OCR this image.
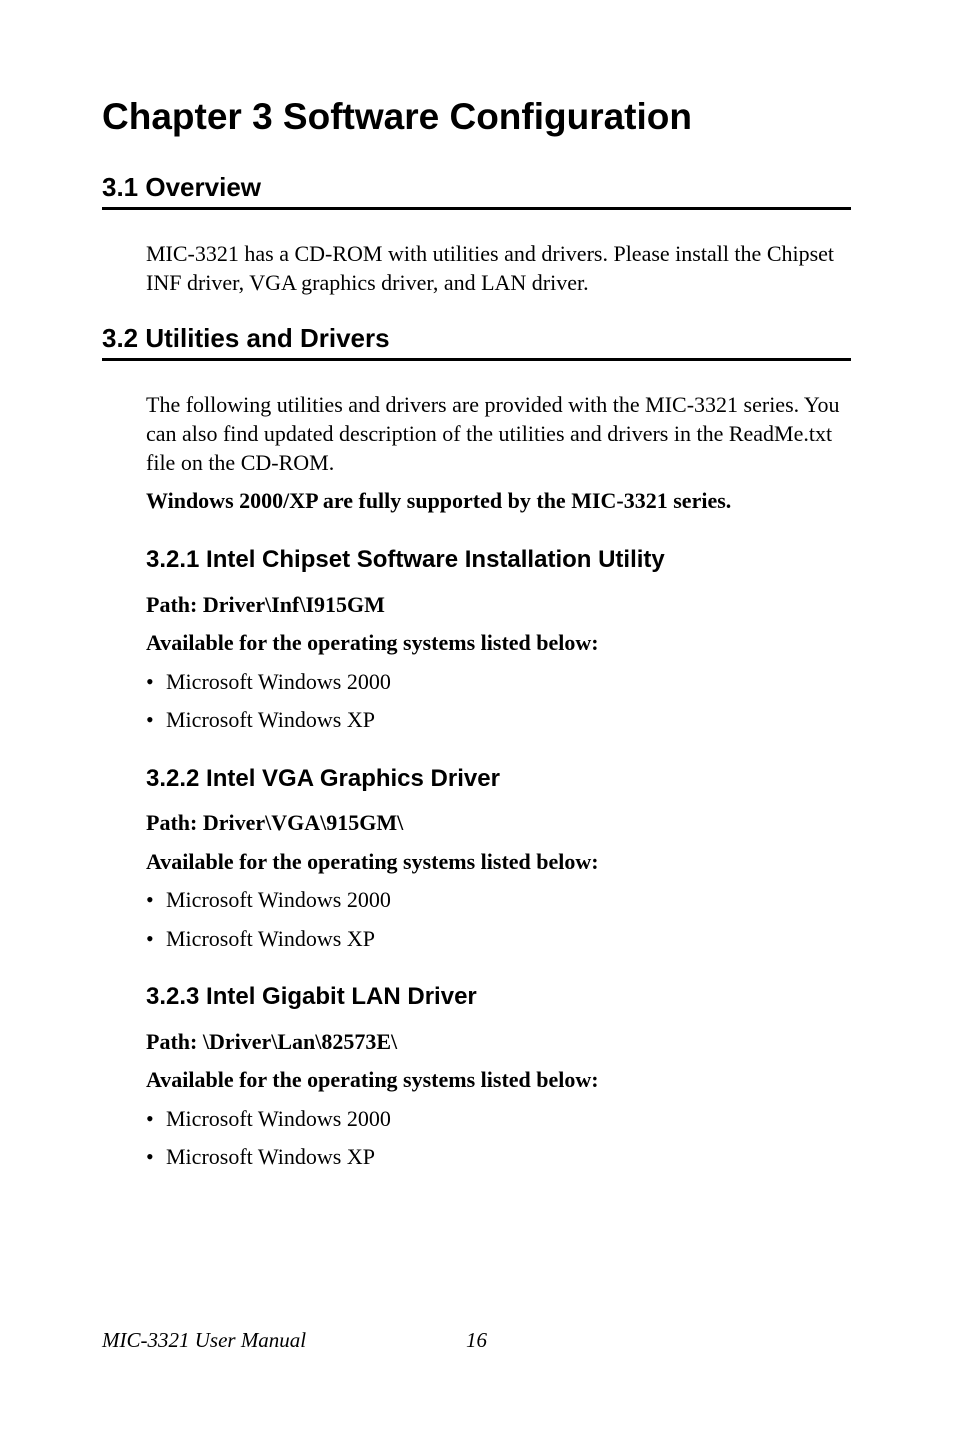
Chapter 3 Software Configuration
3.1 Overview

MIC-3321 has a CD-ROM with utilities and drivers. Please install the Chipset INF driver, VGA graphics driver, and LAN driver.

3.2 Utilities and Drivers

The following utilities and drivers are provided with the MIC-3321 series. You can also find updated description of the utilities and drivers in the ReadMe.txt file on the CD-ROM.

Windows 2000/XP are fully supported by the MIC-3321 series.

3.2.1 Intel Chipset Software Installation Utility

Path: Driver\Inf\I915GM

Available for the operating systems listed below:

• Microsoft Windows 2000

• Microsoft Windows XP

3.2.2 Intel VGA Graphics Driver

Path: Driver\VGA\915GM\

Available for the operating systems listed below:

• Microsoft Windows 2000

• Microsoft Windows XP

3.2.3 Intel Gigabit LAN Driver

Path: \Driver\Lan\82573E\

Available for the operating systems listed below:

• Microsoft Windows 2000

• Microsoft Windows XP

MIC-3321 User Manual	16
